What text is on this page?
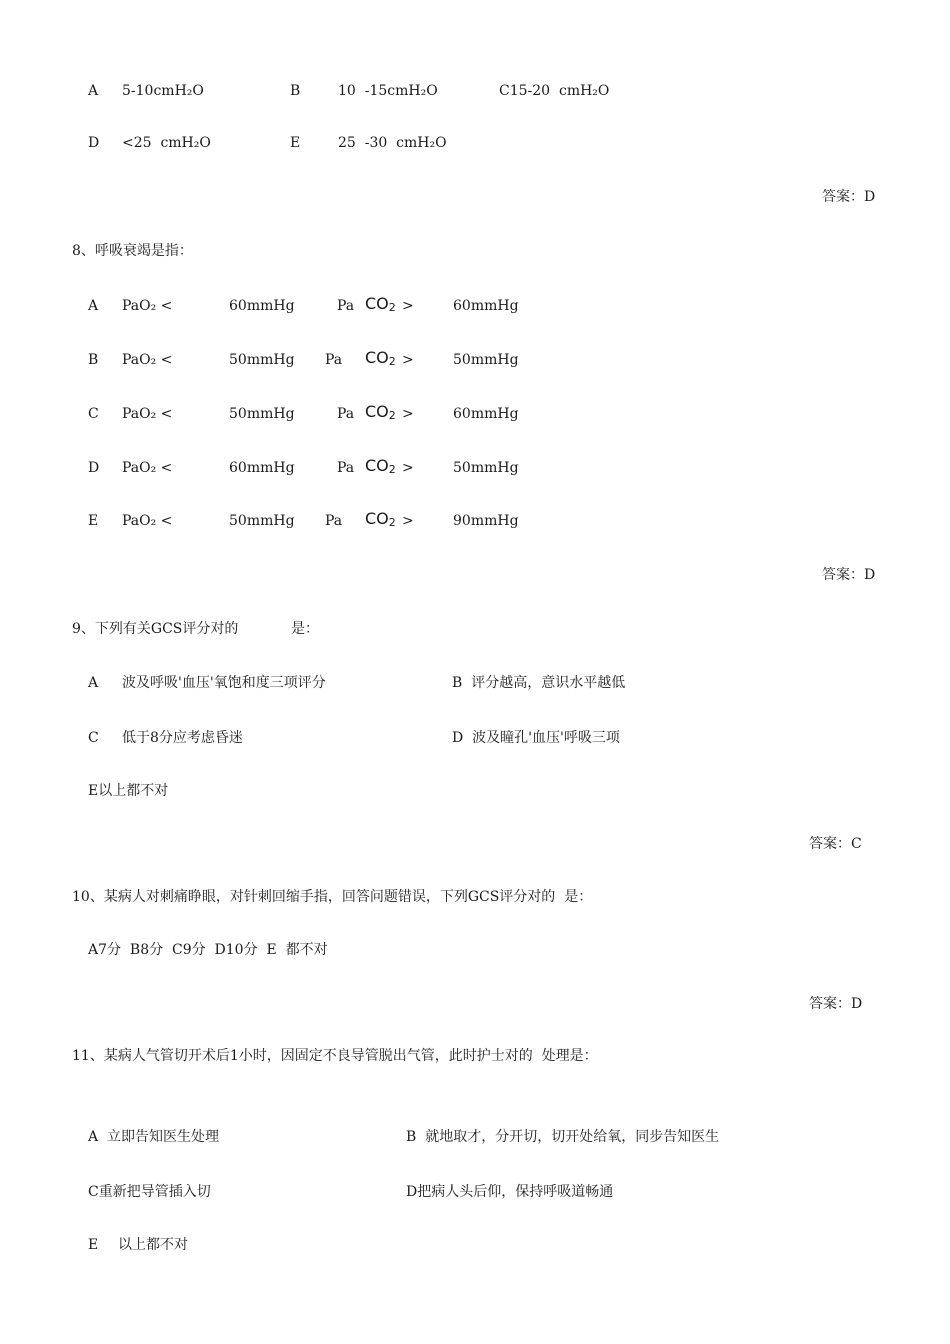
A 5-10cmH₂O	B	10  -15cmH₂O	C15-20  cmH₂O
D <25  cmH₂O	E	25  -30  cmH₂O
答案：D
8、呼吸衰竭是指：
A PaO₂ <	60mmHg	Pa $CO_2$ >	60mmHg
B PaO₂ <	50mmHg Pa $CO_2$ >	50mmHg
C PaO₂ <	50mmHg	Pa $CO_2$ >	60mmHg
D PaO₂ <	60mmHg	Pa $CO_2$ >	50mmHg
E PaO₂ <	50mmHg Pa $CO_2$ >	90mmHg
答案：D
9、下列有关GCS评分对的	是：
A 波及呼吸'血压'氧饱和度三项评分	B  评分越高，意识水平越低
C 低于8分应考虑昏迷	D  波及瞳孔'血压'呼吸三项
E以上都不对
答案：C
10、某病人对刺痛睁眼，对针刺回缩手指，回答问题错误，下列GCS评分对的  是：
A7分  B8分  C9分  D10分  E  都不对
答案：D
11、某病人气管切开术后1小时，因固定不良导管脱出气管，此时护士对的  处理是：
A  立即告知医生处理	B  就地取才，分开切，切开处给氧，同步告知医生
C重新把导管插入切	D把病人头后仰，保持呼吸道畅通
E 以上都不对
